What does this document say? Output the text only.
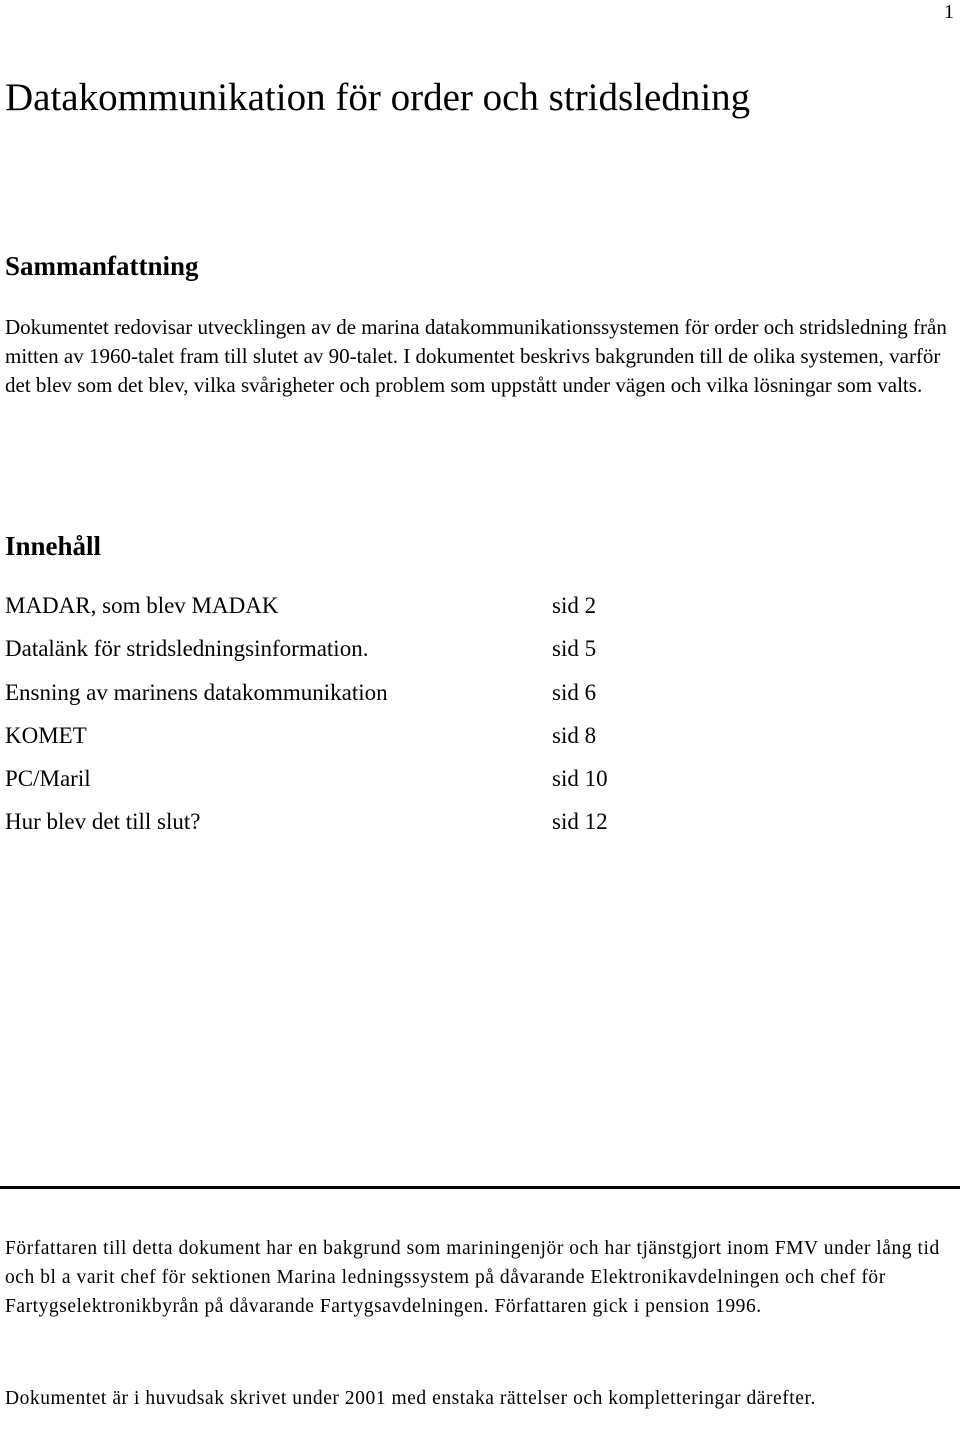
1
Datakommunikation för order och stridsledning
Sammanfattning

Dokumentet redovisar utvecklingen av de marina datakommunikationssystemen för order och stridsledning från mitten av 1960-talet fram till slutet av 90-talet. I dokumentet beskrivs bakgrunden till de olika systemen, varför det blev som det blev, vilka svårigheter och problem som uppstått under vägen och vilka lösningar som valts.

Innehåll
MADAR, som blev MADAK	sid 2
Datalänk för stridsledningsinformation.	sid 5
Ensning av marinens datakommunikation	sid 6
KOMET	sid 8
PC/Maril	sid 10
Hur blev det till slut?	sid 12

Författaren till detta dokument har en bakgrund som mariningenjör och har tjänstgjort inom FMV under lång tid och bl a varit chef för sektionen Marina ledningssystem på dåvarande Elektronikavdelningen och chef för Fartygselektronikbyrån på dåvarande Fartygsavdelningen. Författaren gick i pension 1996.

Dokumentet är i huvudsak skrivet under 2001 med enstaka rättelser och kompletteringar därefter.
